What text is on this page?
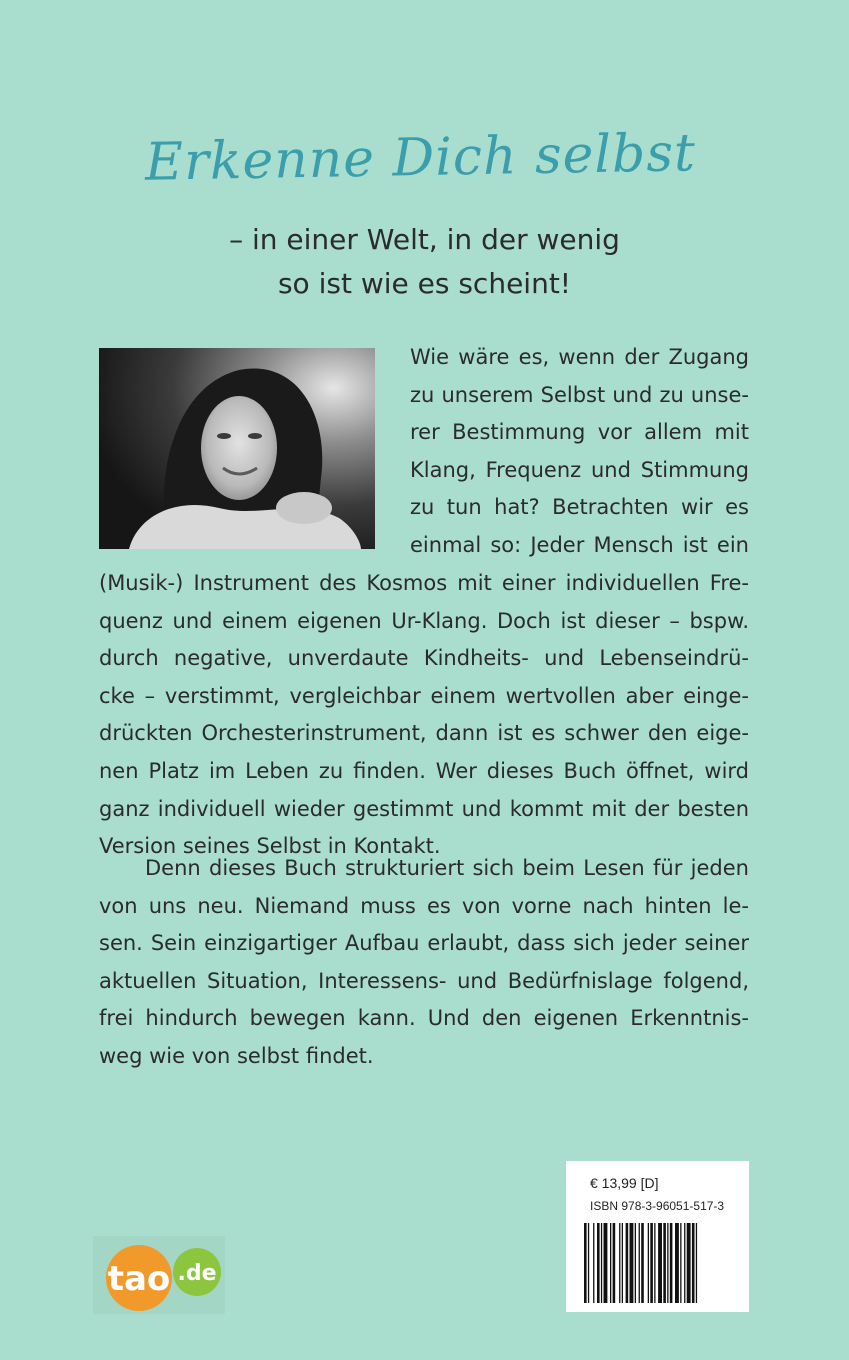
Erkenne Dich selbst
– in einer Welt, in der wenig
so ist wie es scheint!
Wie wäre es, wenn der Zugang
zu unserem Selbst und zu unse-
rer Bestimmung vor allem mit
Klang, Frequenz und Stimmung
zu tun hat? Betrachten wir es
einmal so: Jeder Mensch ist ein
(Musik-) Instrument des Kosmos mit einer individuellen Fre-
quenz und einem eigenen Ur-Klang. Doch ist dieser – bspw.
durch negative, unverdaute Kindheits- und Lebenseindrü-
cke – verstimmt, vergleichbar einem wertvollen aber einge-
drückten Orchesterinstrument, dann ist es schwer den eige-
nen Platz im Leben zu finden. Wer dieses Buch öffnet, wird
ganz individuell wieder gestimmt und kommt mit der besten
Version seines Selbst in Kontakt.
Denn dieses Buch strukturiert sich beim Lesen für jeden
von uns neu. Niemand muss es von vorne nach hinten le-
sen. Sein einzigartiger Aufbau erlaubt, dass sich jeder seiner
aktuellen Situation, Interessens- und Bedürfnislage folgend,
frei hindurch bewegen kann. Und den eigenen Erkenntnis-
weg wie von selbst findet.
tao .de
€ 13,99 [D]
ISBN 978-3-96051-517-3
